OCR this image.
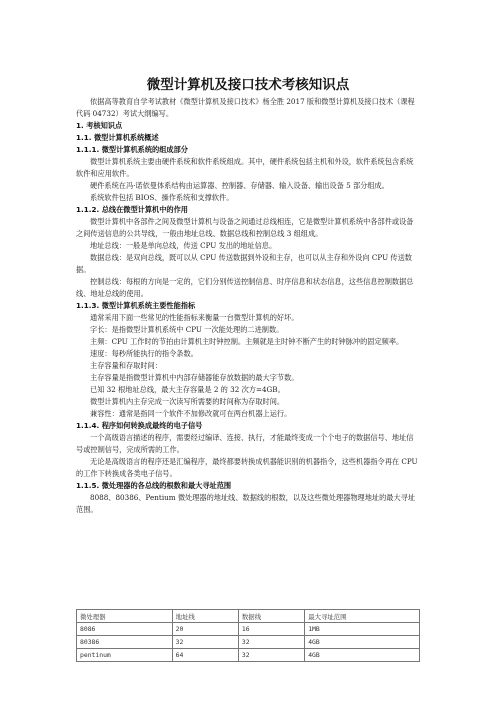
微型计算机及接口技术考核知识点

依据高等教育自学考试教材《微型计算机及接口技术》杨全胜 2017 版和微型计算机及接口技术（课程代码 04732）考试大纲编写。

1. 考核知识点

1.1. 微型计算机系统概述

1.1.1. 微型计算机系统的组成部分

微型计算机系统主要由硬件系统和软件系统组成。其中，硬件系统包括主机和外设，软件系统包含系统软件和应用软件。

硬件系统在冯·诺依曼体系结构由运算器、控制器、存储器、输入设备、输出设备 5 部分组成。

系统软件包括 BIOS、操作系统和支撑软件。

1.1.2. 总线在微型计算机中的作用

微型计算机中各部件之间及微型计算机与设备之间通过总线相连，它是微型计算机系统中各部件或设备之间传送信息的公共导线，一般由地址总线、数据总线和控制总线 3 组组成。

地址总线：一般是单向总线，传送 CPU 发出的地址信息。

数据总线：是双向总线，既可以从 CPU 传送数据到外设和主存，也可以从主存和外设向 CPU 传送数据。

控制总线：每根的方向是一定的，它们分别传送控制信息、时序信息和状态信息，这些信息控制数据总线、地址总线的使用。

1.1.3. 微型计算机系统主要性能指标

通常采用下面一些常见的性能指标来衡量一台微型计算机的好坏。

字长：是指微型计算机系统中 CPU 一次能处理的二进制数。

主频：CPU 工作时的节拍由计算机主时钟控制。主频就是主时钟不断产生的时钟脉冲的固定频率。

速度：每秒所能执行的指令条数。

主存容量和存取时间：

主存容量是指微型计算机中内部存储器能存放数据的最大字节数。

已知 32 根地址总线，最大主存容量是 2 的 32 次方=4GB。

微型计算机内主存完成一次读写所需要的时间称为存取时间。

兼容性：通常是指同一个软件不加修改就可在两台机器上运行。

1.1.4. 程序如何转换成最终的电子信号

一个高级语言描述的程序，需要经过编译、连接、执行，才能最终变成一个个电子的数据信号、地址信号或控制信号，完成所需的工作。

无论是高级语言的程序还是汇编程序，最终都要转换成机器能识别的机器指令，这些机器指令再在 CPU 的工作下转换成各类电子信号。

1.1.5. 微处理器的各总线的根数和最大寻址范围

8088、80386、Pentium 微处理器的地址线、数据线的根数，以及这些微处理器物理地址的最大寻址范围。

微处理器	地址线	数据线	最大寻址范围
8086	20	16	1MB
80386	32	32	4GB
pentinum	64	32	4GB
